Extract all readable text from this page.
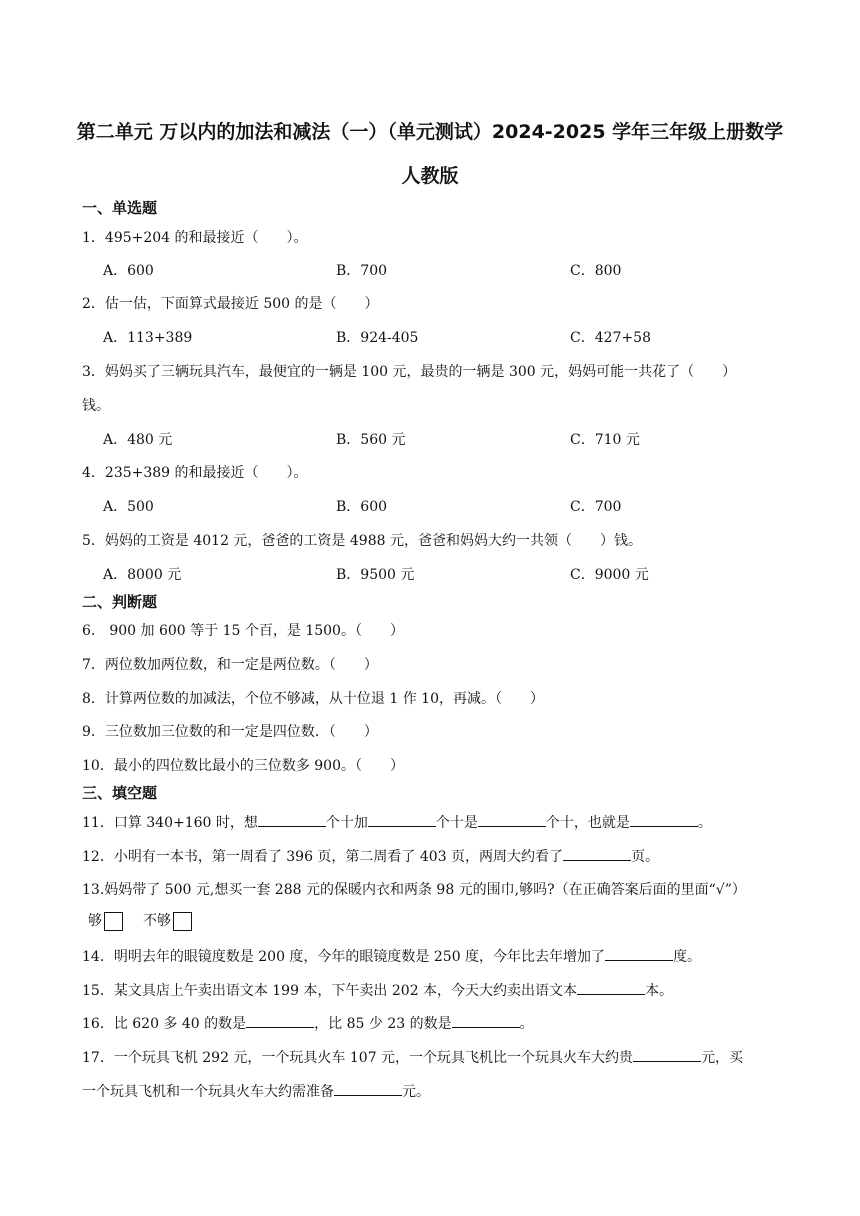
第二单元 万以内的加法和减法（一）（单元测试）2024-2025 学年三年级上册数学
人教版
一、单选题
1．495+204 的和最接近（　　）。
A．600	B．700	C．800
2．估一估，下面算式最接近 500 的是（　　）
A．113+389	B．924-405	C．427+58
3．妈妈买了三辆玩具汽车，最便宜的一辆是 100 元，最贵的一辆是 300 元，妈妈可能一共花了（　　）
钱。
A．480 元	B．560 元	C．710 元
4．235+389 的和最接近（　　）。
A．500	B．600	C．700
5．妈妈的工资是 4012 元，爸爸的工资是 4988 元，爸爸和妈妈大约一共领（　　）钱。
A．8000 元	B．9500 元	C．9000 元
二、判断题
6． 900 加 600 等于 15 个百，是 1500。（　　）
7．两位数加两位数，和一定是两位数。（　　）
8．计算两位数的加减法，个位不够减，从十位退 1 作 10，再减。（　　）
9．三位数加三位数的和一定是四位数．（　　）
10．最小的四位数比最小的三位数多 900。（　　）
三、填空题
11．口算 340+160 时，想	个十加	个十是	个十，也就是	。
12．小明有一本书，第一周看了 396 页，第二周看了 403 页，两周大约看了	页。
13.妈妈带了 500 元,想买一套 288 元的保暖内衣和两条 98 元的围巾,够吗?（在正确答案后面的里面“√”）
够	不够
14．明明去年的眼镜度数是 200 度，今年的眼镜度数是 250 度，今年比去年增加了	度。
15．某文具店上午卖出语文本 199 本，下午卖出 202 本，今天大约卖出语文本	本。
16．比 620 多 40 的数是	，比 85 少 23 的数是	。
17．一个玩具飞机 292 元，一个玩具火车 107 元，一个玩具飞机比一个玩具火车大约贵	元，买
一个玩具飞机和一个玩具火车大约需准备	元。
